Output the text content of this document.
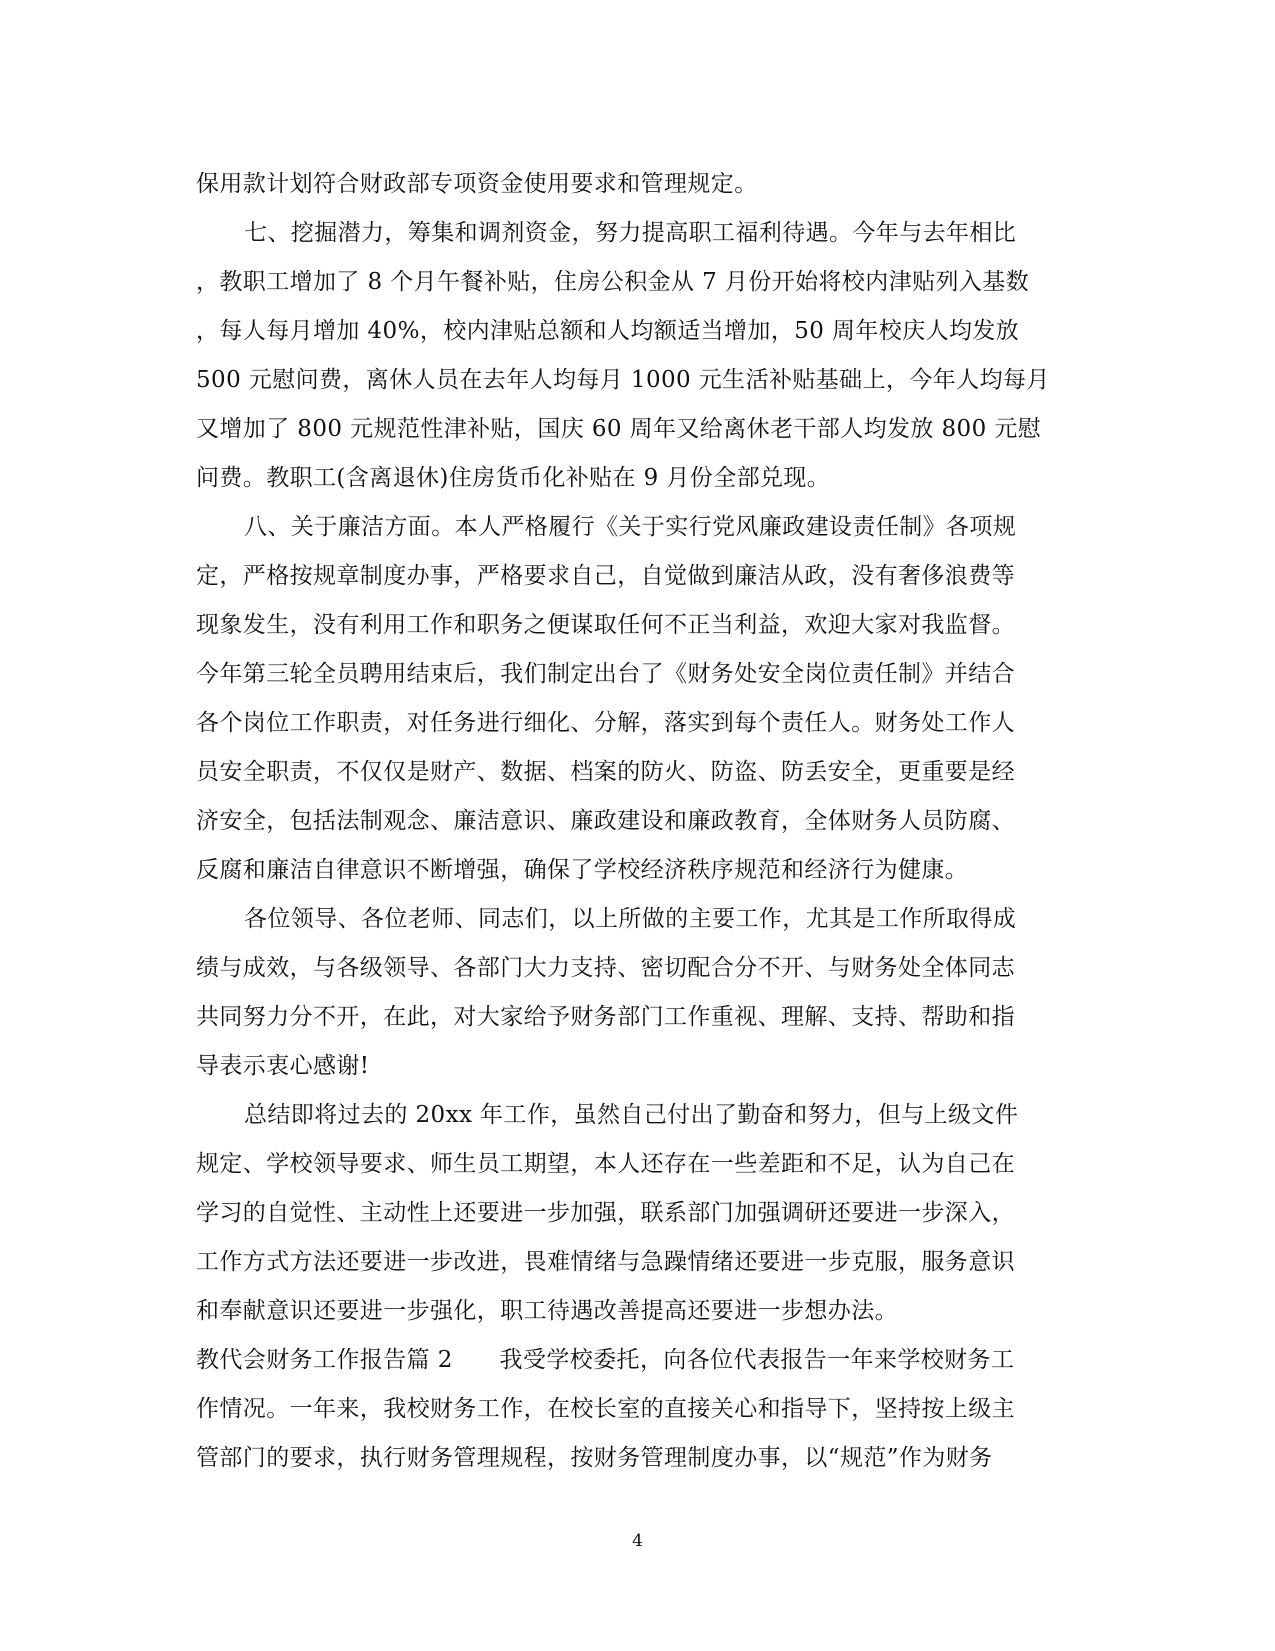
保用款计划符合财政部专项资金使用要求和管理规定。
七、挖掘潜力，筹集和调剂资金，努力提高职工福利待遇。今年与去年相比
，教职工增加了 8 个月午餐补贴，住房公积金从 7 月份开始将校内津贴列入基数
，每人每月增加 40%，校内津贴总额和人均额适当增加，50 周年校庆人均发放
500 元慰问费，离休人员在去年人均每月 1000 元生活补贴基础上，今年人均每月
又增加了 800 元规范性津补贴，国庆 60 周年又给离休老干部人均发放 800 元慰
问费。教职工(含离退休)住房货币化补贴在 9 月份全部兑现。
八、关于廉洁方面。本人严格履行《关于实行党风廉政建设责任制》各项规
定，严格按规章制度办事，严格要求自己，自觉做到廉洁从政，没有奢侈浪费等
现象发生，没有利用工作和职务之便谋取任何不正当利益，欢迎大家对我监督。
今年第三轮全员聘用结束后，我们制定出台了《财务处安全岗位责任制》并结合
各个岗位工作职责，对任务进行细化、分解，落实到每个责任人。财务处工作人
员安全职责，不仅仅是财产、数据、档案的防火、防盗、防丢安全，更重要是经
济安全，包括法制观念、廉洁意识、廉政建设和廉政教育，全体财务人员防腐、
反腐和廉洁自律意识不断增强，确保了学校经济秩序规范和经济行为健康。
各位领导、各位老师、同志们，以上所做的主要工作，尤其是工作所取得成
绩与成效，与各级领导、各部门大力支持、密切配合分不开、与财务处全体同志
共同努力分不开，在此，对大家给予财务部门工作重视、理解、支持、帮助和指
导表示衷心感谢!
总结即将过去的 20xx 年工作，虽然自己付出了勤奋和努力，但与上级文件
规定、学校领导要求、师生员工期望，本人还存在一些差距和不足，认为自己在
学习的自觉性、主动性上还要进一步加强，联系部门加强调研还要进一步深入，
工作方式方法还要进一步改进，畏难情绪与急躁情绪还要进一步克服，服务意识
和奉献意识还要进一步强化，职工待遇改善提高还要进一步想办法。
教代会财务工作报告篇 2　　我受学校委托，向各位代表报告一年来学校财务工
作情况。一年来，我校财务工作，在校长室的直接关心和指导下，坚持按上级主
管部门的要求，执行财务管理规程，按财务管理制度办事，以“规范”作为财务
4
